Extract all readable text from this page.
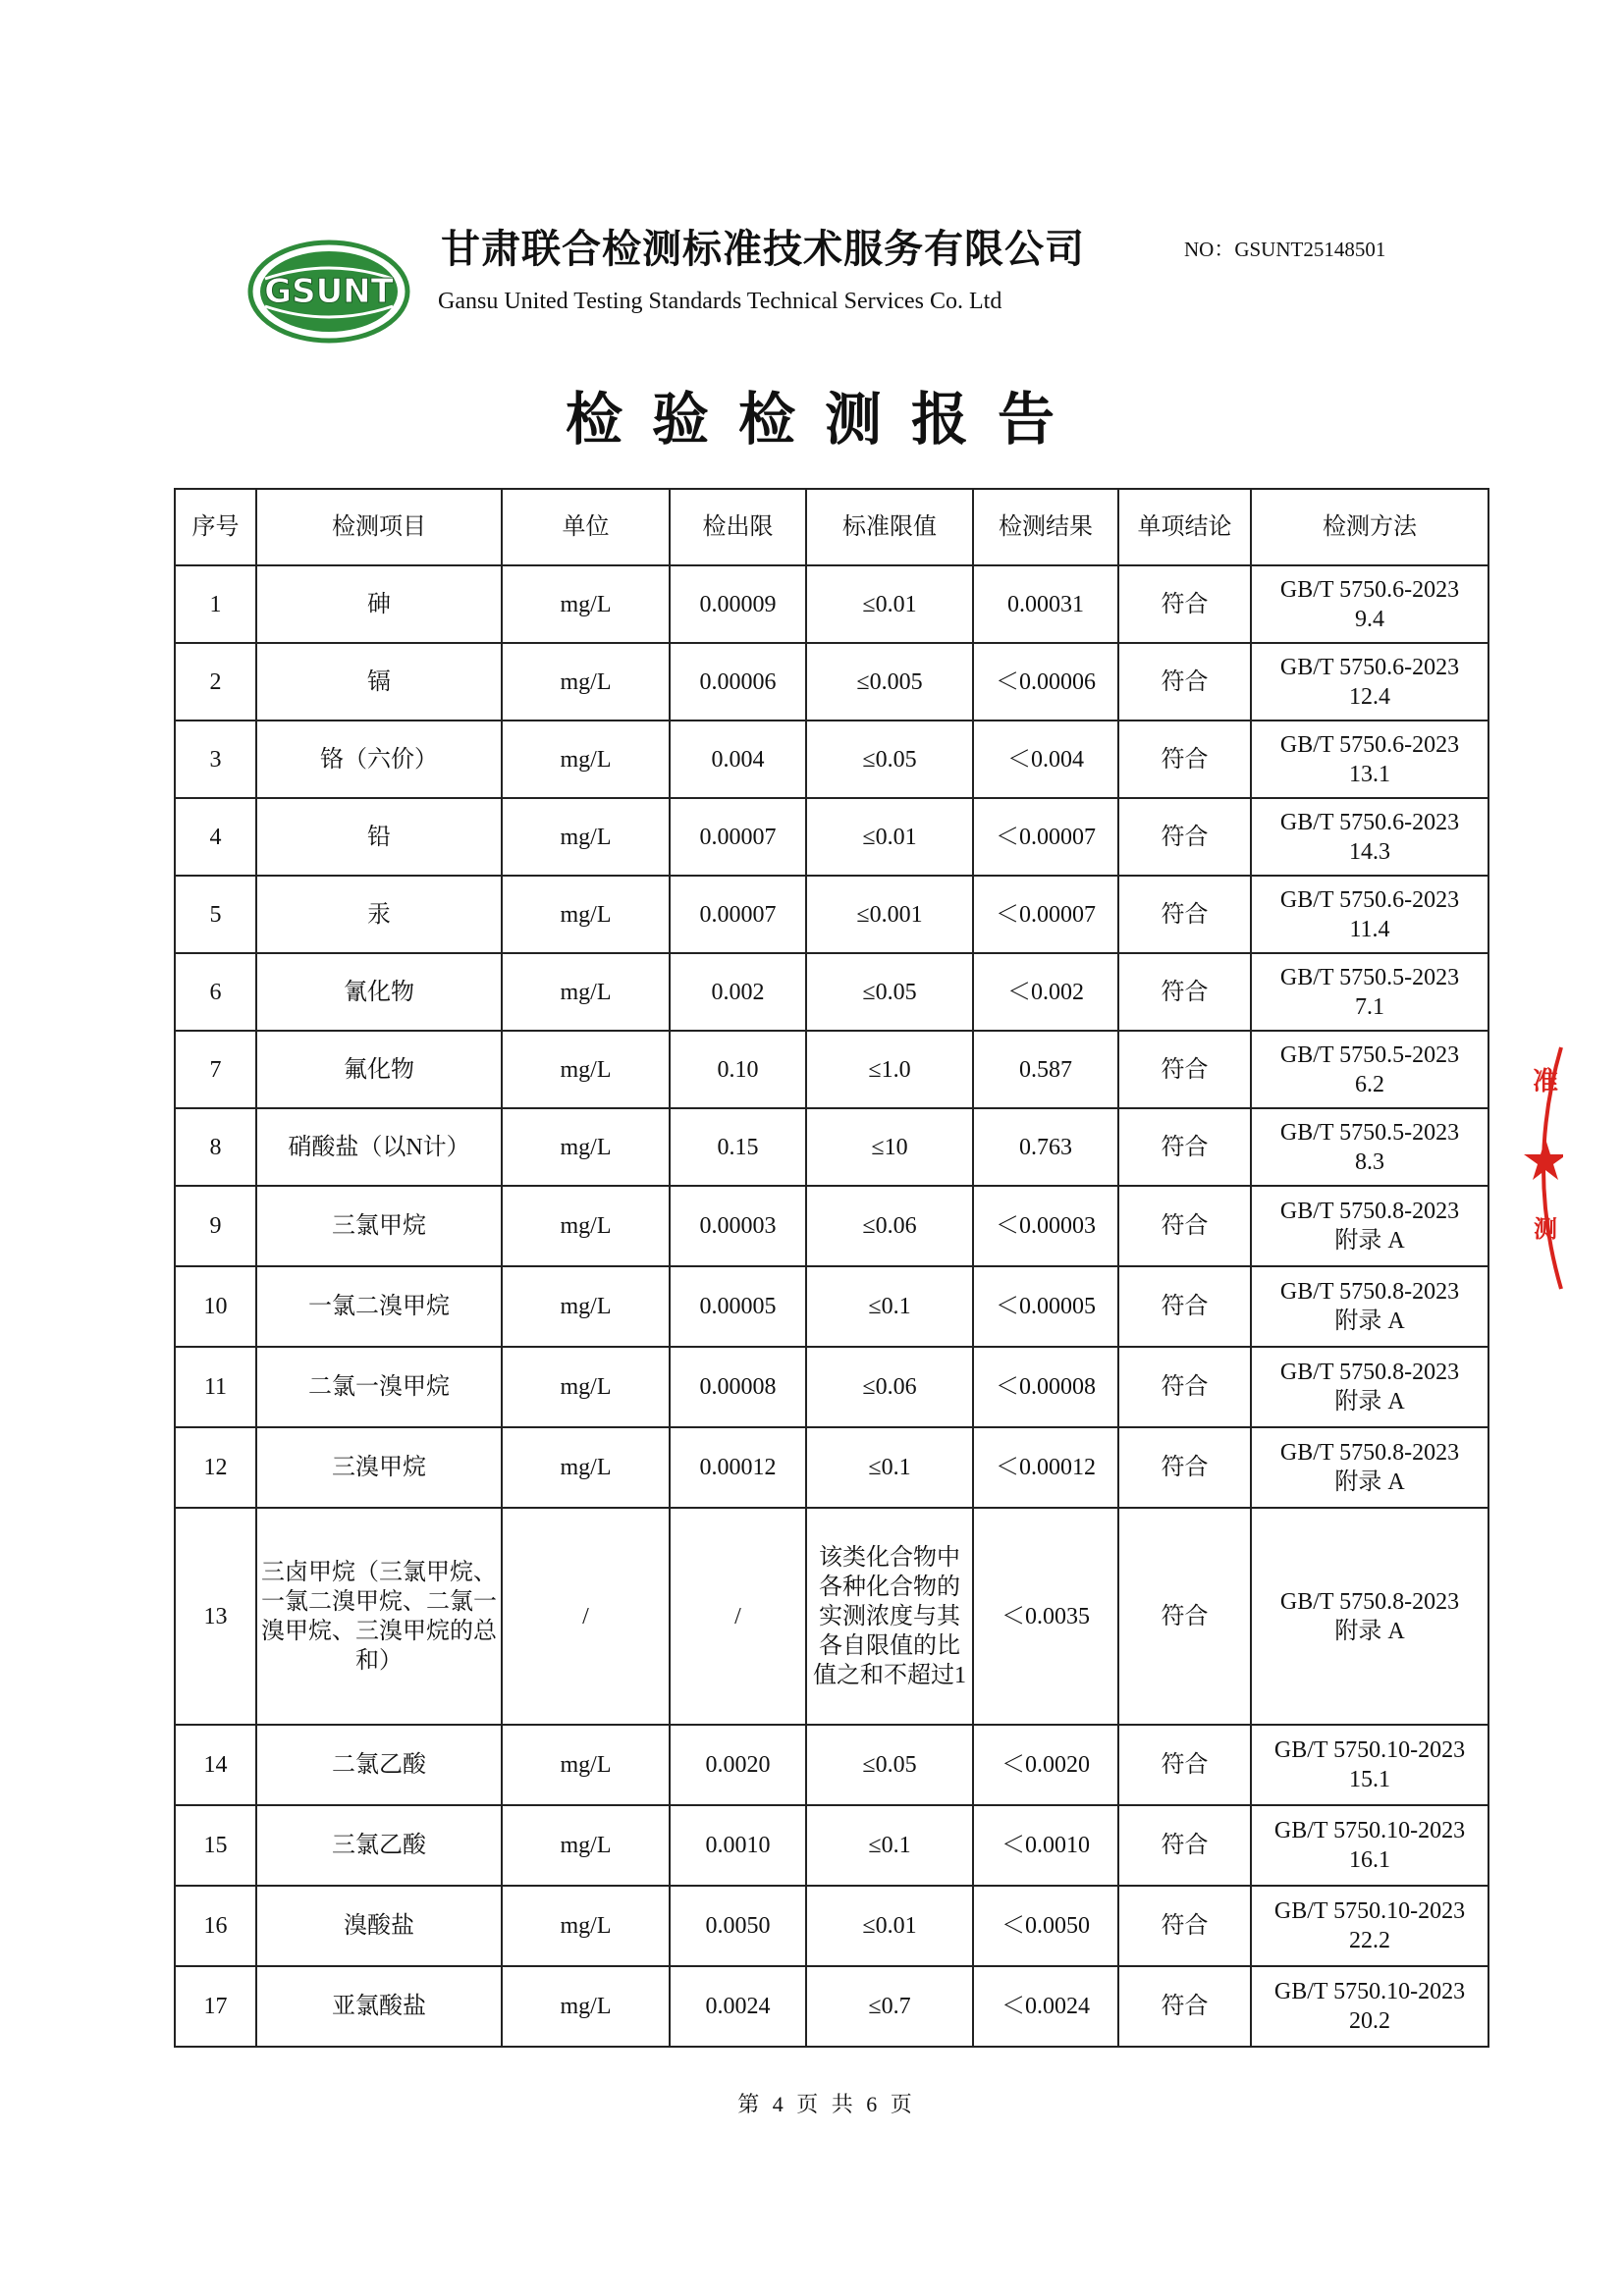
GSUNT
甘肃联合检测标准技术服务有限公司
Gansu United Testing Standards Technical Services Co. Ltd
NO：GSUNT25148501
检验检测报告
序号	检测项目	单位	检出限	标准限值	检测结果	单项结论	检测方法
1	砷	mg/L	0.00009	≤0.01	0.00031	符合	GB/T 5750.6-2023
9.4

2	镉	mg/L	0.00006	≤0.005	＜0.00006	符合	GB/T 5750.6-2023
12.4

3	铬（六价）	mg/L	0.004	≤0.05	＜0.004	符合	GB/T 5750.6-2023
13.1

4	铅	mg/L	0.00007	≤0.01	＜0.00007	符合	GB/T 5750.6-2023
14.3

5	汞	mg/L	0.00007	≤0.001	＜0.00007	符合	GB/T 5750.6-2023
11.4

6	氰化物	mg/L	0.002	≤0.05	＜0.002	符合	GB/T 5750.5-2023
7.1

7	氟化物	mg/L	0.10	≤1.0	0.587	符合	GB/T 5750.5-2023
6.2

8	硝酸盐（以N计）	mg/L	0.15	≤10	0.763	符合	GB/T 5750.5-2023
8.3

9	三氯甲烷	mg/L	0.00003	≤0.06	＜0.00003	符合	GB/T 5750.8-2023
附录 A

10	一氯二溴甲烷	mg/L	0.00005	≤0.1	＜0.00005	符合	GB/T 5750.8-2023
附录 A

11	二氯一溴甲烷	mg/L	0.00008	≤0.06	＜0.00008	符合	GB/T 5750.8-2023
附录 A

12	三溴甲烷	mg/L	0.00012	≤0.1	＜0.00012	符合	GB/T 5750.8-2023
附录 A

13	三卤甲烷（三氯甲烷、一氯二溴甲烷、二氯一溴甲烷、三溴甲烷的总和）	/	/	该类化合物中各种化合物的实测浓度与其各自限值的比值之和不超过1	＜0.0035	符合	GB/T 5750.8-2023
附录 A

14	二氯乙酸	mg/L	0.0020	≤0.05	＜0.0020	符合	GB/T 5750.10-2023
15.1

15	三氯乙酸	mg/L	0.0010	≤0.1	＜0.0010	符合	GB/T 5750.10-2023
16.1

16	溴酸盐	mg/L	0.0050	≤0.01	＜0.0050	符合	GB/T 5750.10-2023
22.2

17	亚氯酸盐	mg/L	0.0024	≤0.7	＜0.0024	符合	GB/T 5750.10-2023
20.2
准
测
第 4 页 共 6 页
